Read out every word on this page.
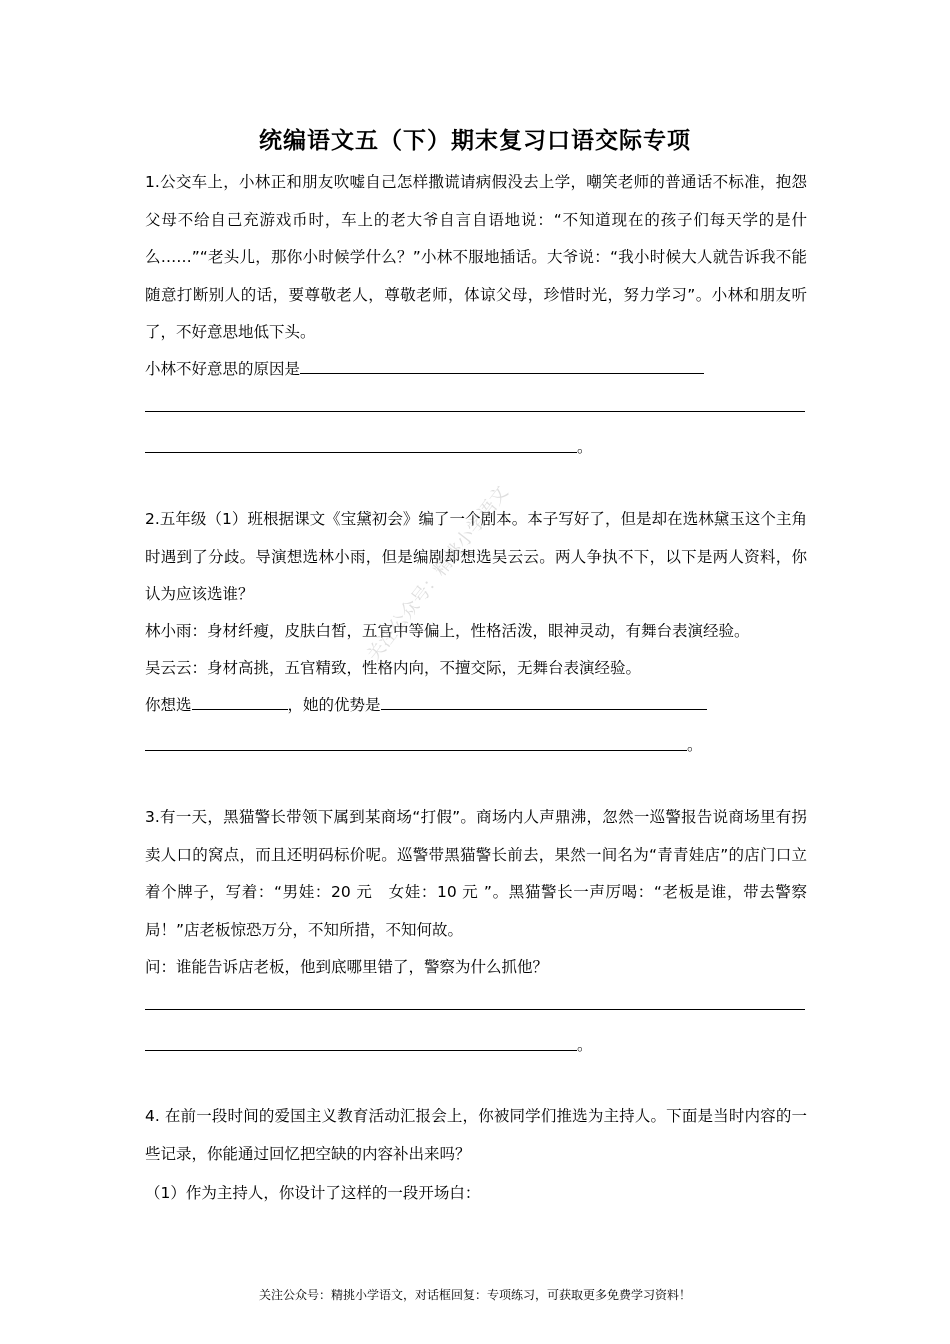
统编语文五（下）期末复习口语交际专项
1.公交车上，小林正和朋友吹嘘自己怎样撒谎请病假没去上学，嘲笑老师的普通话不标准，抱怨父母不给自己充游戏币时，车上的老大爷自言自语地说：“不知道现在的孩子们每天学的是什么……”“老头儿，那你小时候学什么？”小林不服地插话。大爷说：“我小时候大人就告诉我不能随意打断别人的话，要尊敬老人，尊敬老师，体谅父母，珍惜时光，努力学习”。小林和朋友听了，不好意思地低下头。
小林不好意思的原因是
。
2.五年级（1）班根据课文《宝黛初会》编了一个剧本。本子写好了，但是却在选林黛玉这个主角时遇到了分歧。导演想选林小雨，但是编剧却想选吴云云。两人争执不下，以下是两人资料，你认为应该选谁？
林小雨：身材纤瘦，皮肤白皙，五官中等偏上，性格活泼，眼神灵动，有舞台表演经验。
吴云云：身材高挑，五官精致，性格内向，不擅交际，无舞台表演经验。
你想选	，她的优势是
。
3.有一天，黑猫警长带领下属到某商场“打假”。商场内人声鼎沸，忽然一巡警报告说商场里有拐卖人口的窝点，而且还明码标价呢。巡警带黑猫警长前去，果然一间名为“青青娃店”的店门口立着个牌子，写着：“男娃：20 元　女娃：10 元 ”。黑猫警长一声厉喝：“老板是谁，带去警察局！”店老板惊恐万分，不知所措，不知何故。
问：谁能告诉店老板，他到底哪里错了，警察为什么抓他？
。
4. 在前一段时间的爱国主义教育活动汇报会上，你被同学们推选为主持人。下面是当时内容的一些记录，你能通过回忆把空缺的内容补出来吗？
（1）作为主持人，你设计了这样的一段开场白：
关注公众号：精挑小学语文
关注公众号：精挑小学语文，对话框回复：专项练习，可获取更多免费学习资料！
